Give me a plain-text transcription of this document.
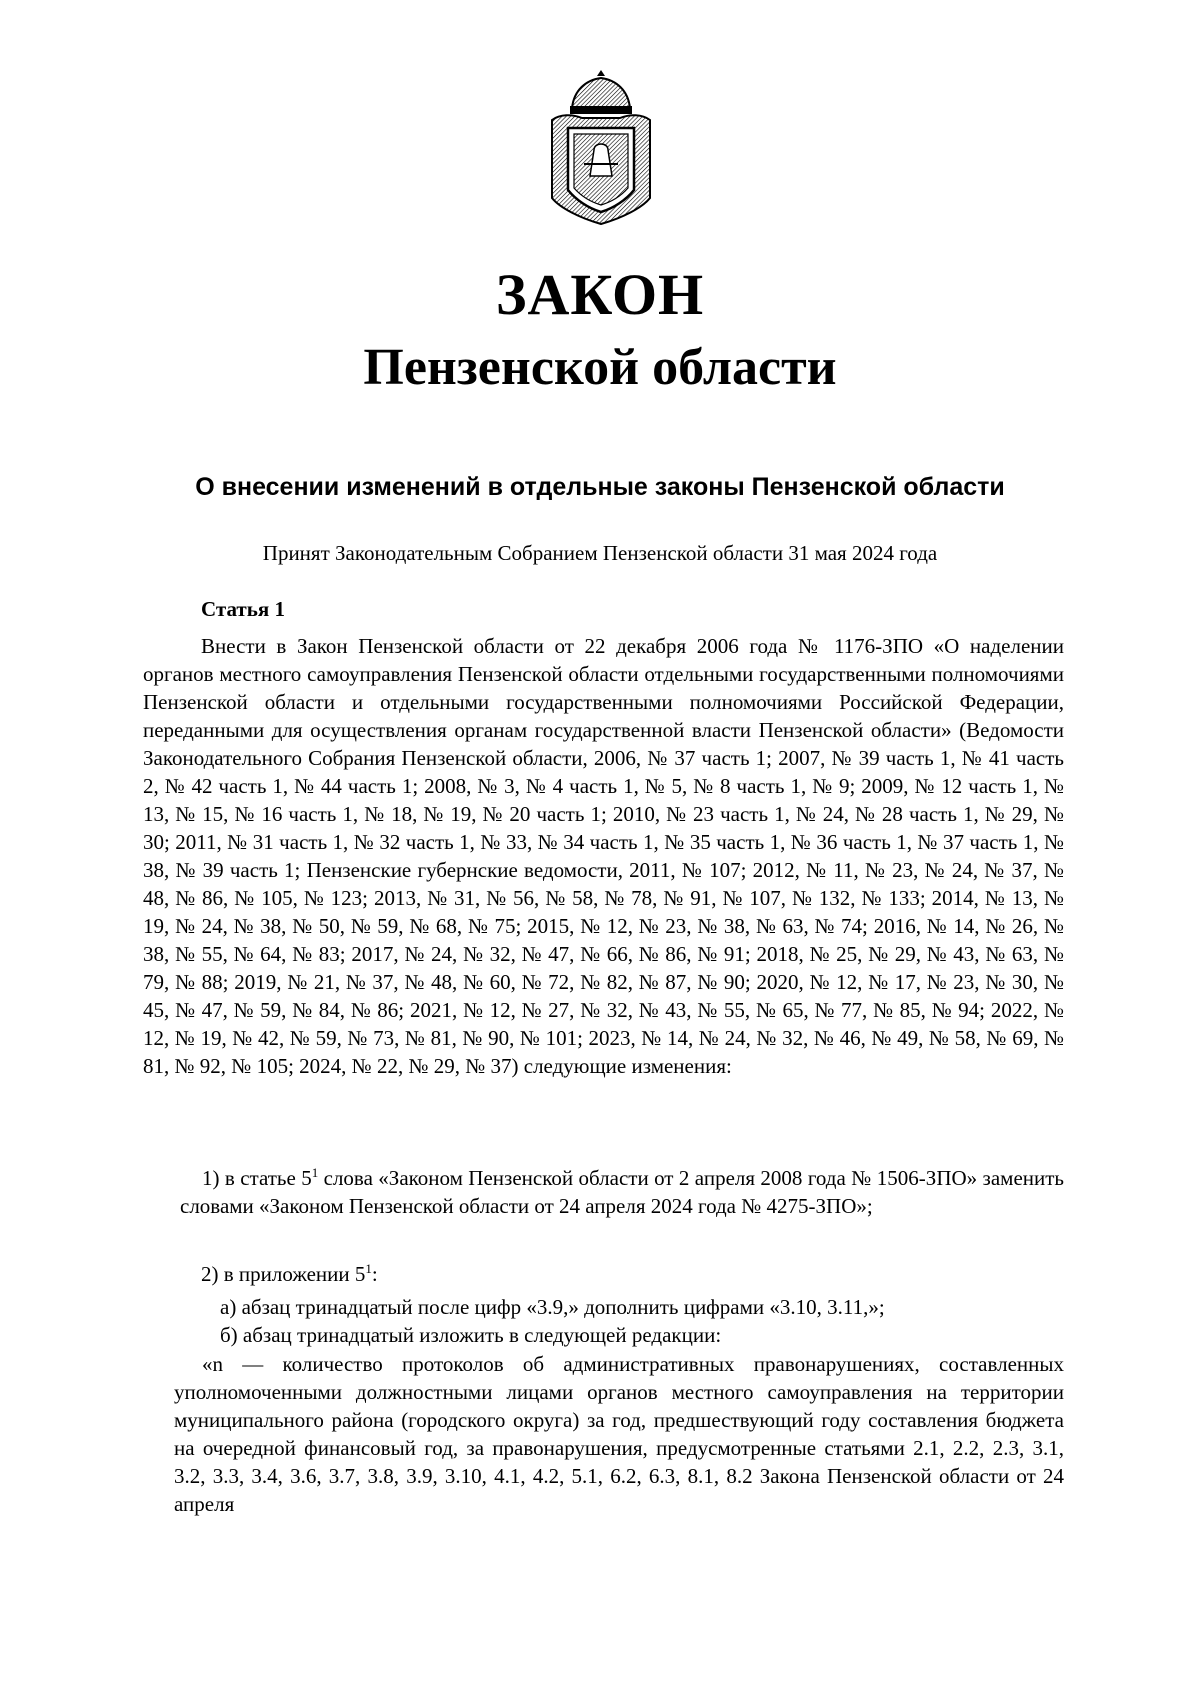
ЗАКОН
Пензенской области
О внесении изменений в отдельные законы Пензенской области
Принят Законодательным Собранием Пензенской области 31 мая 2024 года
Статья 1

Внести в Закон Пензенской области от 22 декабря 2006 года № 1176-ЗПО «О наделении органов местного самоуправления Пензенской области отдельными государственными полномочиями Пензенской области и отдельными государственными полномочиями Российской Федерации, переданными для осуществления органам государственной власти Пензенской области» (Ведомости Законодательного Собрания Пензенской области, 2006, № 37 часть 1; 2007, № 39 часть 1, № 41 часть 2, № 42 часть 1, № 44 часть 1; 2008, № 3, № 4 часть 1, № 5, № 8 часть 1, № 9; 2009, № 12 часть 1, № 13, № 15, № 16 часть 1, № 18, № 19, № 20 часть 1; 2010, № 23 часть 1, № 24, № 28 часть 1, № 29, № 30; 2011, № 31 часть 1, № 32 часть 1, № 33, № 34 часть 1, № 35 часть 1, № 36 часть 1, № 37 часть 1, № 38, № 39 часть 1; Пензенские губернские ведомости, 2011, № 107; 2012, № 11, № 23, № 24, № 37, № 48, № 86, № 105, № 123; 2013, № 31, № 56, № 58, № 78, № 91, № 107, № 132, № 133; 2014, № 13, № 19, № 24, № 38, № 50, № 59, № 68, № 75; 2015, № 12, № 23, № 38, № 63, № 74; 2016, № 14, № 26, № 38, № 55, № 64, № 83; 2017, № 24, № 32, № 47, № 66, № 86, № 91; 2018, № 25, № 29, № 43, № 63, № 79, № 88; 2019, № 21, № 37, № 48, № 60, № 72, № 82, № 87, № 90; 2020, № 12, № 17, № 23, № 30, № 45, № 47, № 59, № 84, № 86; 2021, № 12, № 27, № 32, № 43, № 55, № 65, № 77, № 85, № 94; 2022, № 12, № 19, № 42, № 59, № 73, № 81, № 90, № 101; 2023, № 14, № 24, № 32, № 46, № 49, № 58, № 69, № 81, № 92, № 105; 2024, № 22, № 29, № 37) следующие изменения:

1) в статье $5^1$ слова «Законом Пензенской области от 2 апреля 2008 года № 1506-ЗПО» заменить словами «Законом Пензенской области от 24 апреля 2024 года № 4275-ЗПО»;

2) в приложении $5^1$:
а) абзац тринадцатый после цифр «3.9,» дополнить цифрами «3.10, 3.11,»;
б) абзац тринадцатый изложить в следующей редакции:

«n — количество протоколов об административных правонарушениях, составленных уполномоченными должностными лицами органов местного самоуправления на территории муниципального района (городского округа) за год, предшествующий году составления бюджета на очередной финансовый год, за правонарушения, предусмотренные статьями 2.1, 2.2, 2.3, 3.1, 3.2, 3.3, 3.4, 3.6, 3.7, 3.8, 3.9, 3.10, 4.1, 4.2, 5.1, 6.2, 6.3, 8.1, 8.2 Закона Пензенской области от 24 апреля
